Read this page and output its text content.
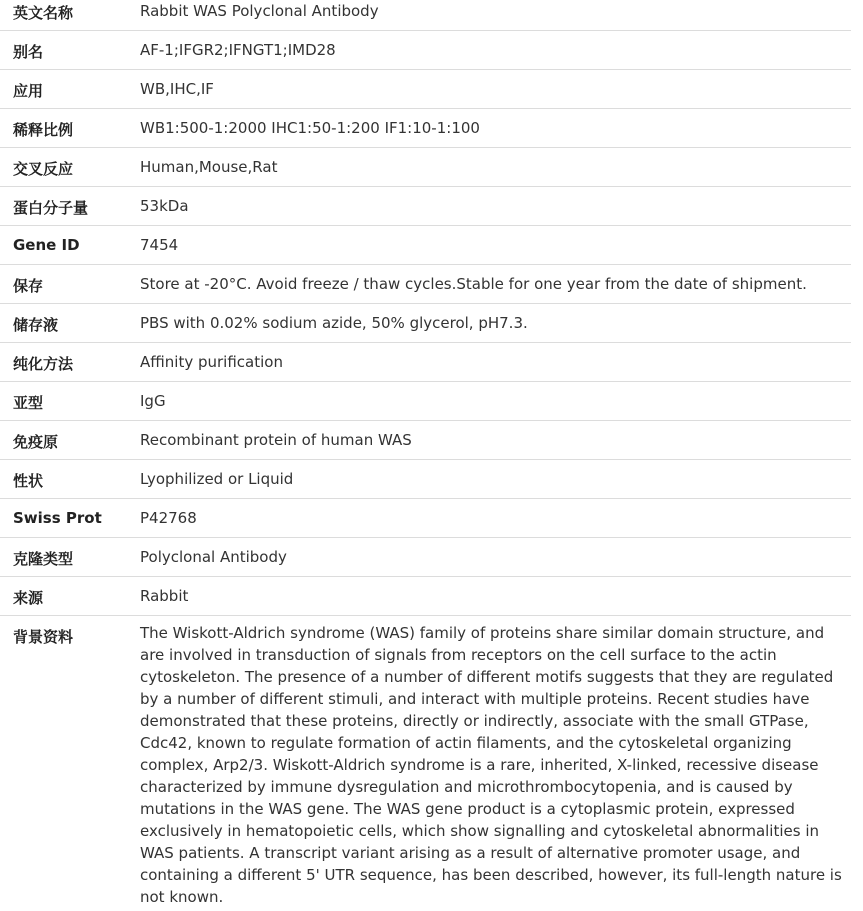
英文名称	Rabbit WAS Polyclonal Antibody
别名	AF-1;IFGR2;IFNGT1;IMD28
应用	WB,IHC,IF
稀释比例	WB1:500-1:2000 IHC1:50-1:200 IF1:10-1:100
交叉反应	Human,Mouse,Rat
蛋白分子量	53kDa
Gene ID	7454
保存	Store at -20°C. Avoid freeze / thaw cycles.Stable for one year from the date of shipment.
储存液	PBS with 0.02% sodium azide, 50% glycerol, pH7.3.
纯化方法	Affinity purification
亚型	IgG
免疫原	Recombinant protein of human WAS
性状	Lyophilized or Liquid
Swiss Prot	P42768
克隆类型	Polyclonal Antibody
来源	Rabbit
背景资料	The Wiskott-Aldrich syndrome (WAS) family of proteins share similar domain structure, and are involved in transduction of signals from receptors on the cell surface to the actin cytoskeleton. The presence of a number of different motifs suggests that they are regulated by a number of different stimuli, and interact with multiple proteins. Recent studies have demonstrated that these proteins, directly or indirectly, associate with the small GTPase, Cdc42, known to regulate formation of actin filaments, and the cytoskeletal organizing complex, Arp2/3. Wiskott-Aldrich syndrome is a rare, inherited, X-linked, recessive disease characterized by immune dysregulation and microthrombocytopenia, and is caused by mutations in the WAS gene. The WAS gene product is a cytoplasmic protein, expressed exclusively in hematopoietic cells, which show signalling and cytoskeletal abnormalities in WAS patients. A transcript variant arising as a result of alternative promoter usage, and containing a different 5' UTR sequence, has been described, however, its full-length nature is not known.
